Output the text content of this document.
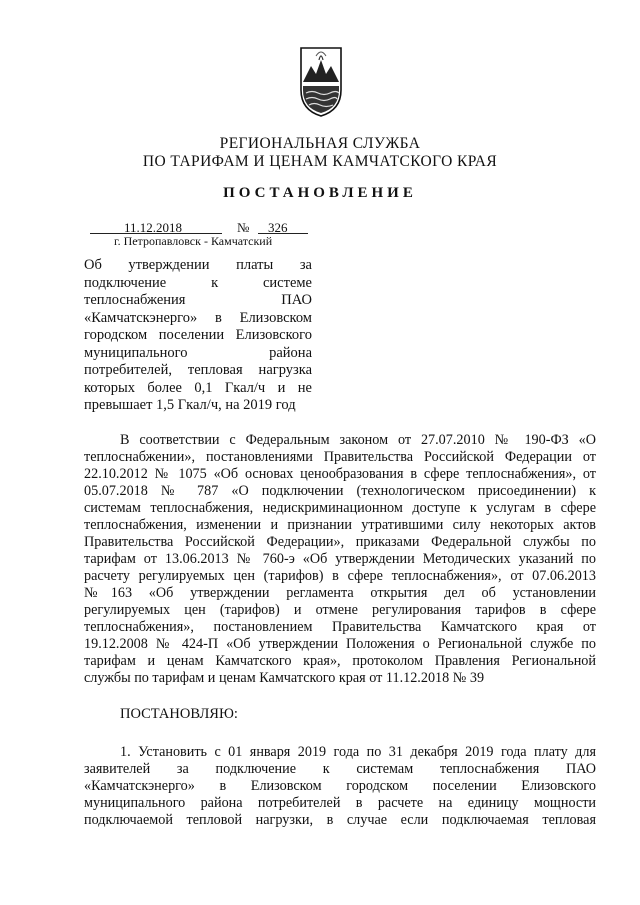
РЕГИОНАЛЬНАЯ СЛУЖБА
ПО ТАРИФАМ И ЦЕНАМ КАМЧАТСКОГО КРАЯ
ПОСТАНОВЛЕНИЕ
11.12.2018	№ 326
г. Петропавловск - Камчатский
Об утверждении платы за
подключение к системе
теплоснабжения ПАО
«Камчатскэнерго» в Елизовском
городском поселении Елизовского
муниципального района
потребителей, тепловая нагрузка
которых более 0,1 Гкал/ч и не
превышает 1,5 Гкал/ч, на 2019 год
В соответствии с Федеральным законом от 27.07.2010 № 190-ФЗ «О
теплоснабжении», постановлениями Правительства Российской Федерации от
22.10.2012 № 1075 «Об основах ценообразования в сфере теплоснабжения», от
05.07.2018 № 787 «О подключении (технологическом присоединении) к
системам теплоснабжения, недискриминационном доступе к услугам в сфере
теплоснабжения, изменении и признании утратившими силу некоторых актов
Правительства Российской Федерации», приказами Федеральной службы по
тарифам от 13.06.2013 № 760-э «Об утверждении Методических указаний по
расчету регулируемых цен (тарифов) в сфере теплоснабжения», от 07.06.2013
№163 «Об утверждении регламента открытия дел об установлении
регулируемых цен (тарифов) и отмене регулирования тарифов в сфере
теплоснабжения», постановлением Правительства Камчатского края от
19.12.2008 № 424-П «Об утверждении Положения о Региональной службе по
тарифам и ценам Камчатского края», протоколом Правления Региональной
службы по тарифам и ценам Камчатского края от 11.12.2018 № 39
ПОСТАНОВЛЯЮ:
1. Установить с 01 января 2019 года по 31 декабря 2019 года плату для
заявителей за подключение к системам теплоснабжения ПАО
«Камчатскэнерго» в Елизовском городском поселении Елизовского
муниципального района потребителей в расчете на единицу мощности
подключаемой тепловой нагрузки, в случае если подключаемая тепловая
